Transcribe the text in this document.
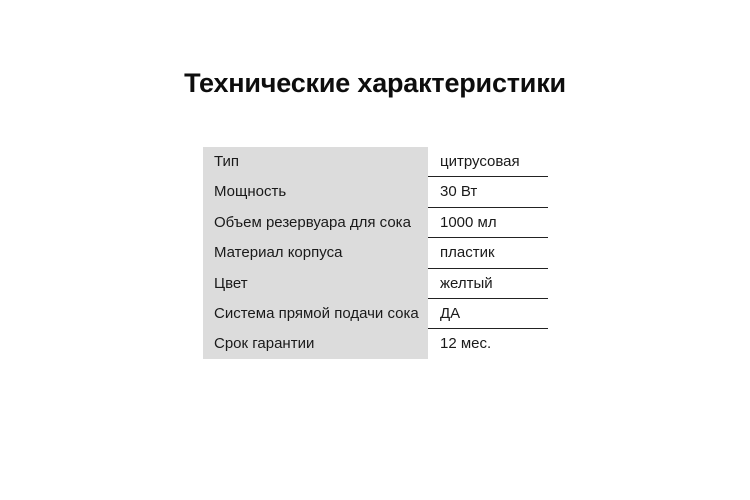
Технические характеристики
Тип	цитрусовая
Мощность	30 Вт
Объем резервуара для сока	1000 мл
Материал корпуса	пластик
Цвет	желтый
Система прямой подачи сока	ДА
Срок гарантии	12 мес.
